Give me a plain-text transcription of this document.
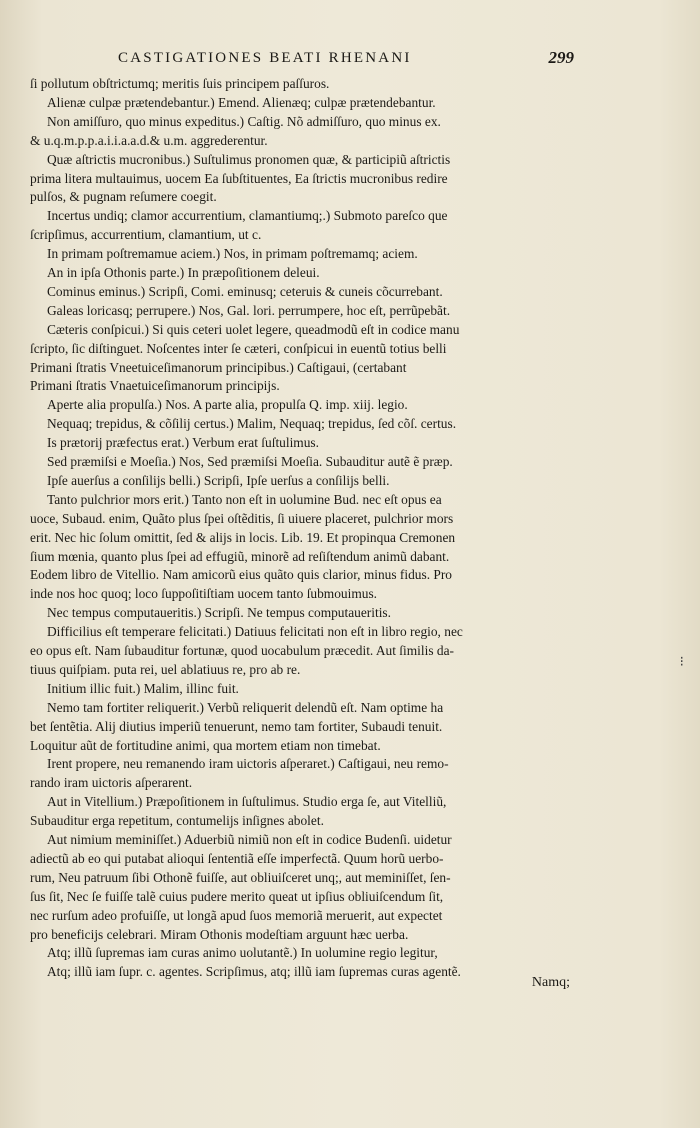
CASTIGATIONES BEATI RHENANI	299
ſi pollutum obſtrictumq; meritis ſuis principem paſſuros.
Alienæ culpæ prætendebantur.) Emend. Alienæq; culpæ prætendebantur.
Non amiſſuro, quo minus expeditus.) Caſtig. Nõ admiſſuro, quo minus ex.
& u.q.m.p.p.a.i.i.a.a.d.& u.m. aggrederentur.
Quæ aſtrictis mucronibus.) Suſtulimus pronomen quæ, & participiũ aſtrictis
prima litera multauimus, uocem Ea ſubſtituentes, Ea ſtrictis mucronibus redire
pulſos, & pugnam reſumere coegit.
Incertus undiq; clamor accurrentium, clamantiumq;.) Submoto pareſco que
ſcripſimus, accurrentium, clamantium, ut c.
In primam poſtremamue aciem.) Nos, in primam poſtremamq; aciem.
An in ipſa Othonis parte.) In præpoſitionem deleui.
Cominus eminus.) Scripſi, Comi. eminusq; ceteruis & cuneis cõcurrebant.
Galeas loricasq; perrupere.) Nos, Gal. lori. perrumpere, hoc eſt, perrũpebãt.
Cæteris conſpicui.) Si quis ceteri uolet legere, queadmodũ eſt in codice manu
ſcripto, ſic diſtinguet. Noſcentes inter ſe cæteri, conſpicui in euentũ totius belli
Primani ſtratis Vneetuiceſimanorum principibus.) Caſtigaui, (certabant
Primani ſtratis Vnaetuiceſimanorum principiјs.
Aperte alia propulſa.) Nos. A parte alia, propulſa Q. imp. xiiј. legio.
Nequaq; trepidus, & cõſiliј certus.) Malim, Nequaq; trepidus, ſed cõſ. certus.
Is prætoriј præfectus erat.) Verbum erat ſuſtulimus.
Sed præmiſsi e Moeſia.) Nos, Sed præmiſsi Moeſia. Subauditur autẽ ẽ præp.
Ipſe auerſus a conſiliјs belli.) Scripſi, Ipſe uerſus a conſiliјs belli.
Tanto pulchrior mors erit.) Tanto non eſt in uolumine Bud. nec eſt opus ea
uoce, Subaud. enim, Quãto plus ſpei oſtẽditis, ſi uiuere placeret, pulchrior mors
erit. Nec hic ſolum omittit, ſed & aliјs in locis. Lib. 19. Et propinqua Cremonen
ſium mœnia, quanto plus ſpei ad effugiũ, minorẽ ad reſiſtendum animũ dabant.
Eodem libro de Vitellio. Nam amicorũ eius quãto quis clarior, minus fidus. Pro
inde nos hoc quoq; loco ſuppoſitiſtiam uocem tanto ſubmouimus.
Nec tempus computaueritis.) Scripſi. Ne tempus computaueritis.
Difficilius eſt temperare felicitati.) Datiuus felicitati non eſt in libro regio, nec
eo opus eſt. Nam ſubauditur fortunæ, quod uocabulum præcedit. Aut ſimilis da-
tiuus quiſpiam. puta rei, uel ablatiuus re, pro ab re.
Initium illic fuit.) Malim, illinc fuit.
Nemo tam fortiter reliquerit.) Verbũ reliquerit delendũ eſt. Nam optime ha
bet ſentẽtia. Aliј diutius imperiũ tenuerunt, nemo tam fortiter, Subaudi tenuit.
Loquitur aũt de fortitudine animi, qua mortem etiam non timebat.
Irent propere, neu remanendo iram uictoris aſperaret.) Caſtigaui, neu remo-
rando iram uictoris aſperarent.
Aut in Vitellium.) Præpoſitionem in ſuſtulimus. Studio erga ſe, aut Vitelliũ,
Subauditur erga repetitum, contumeliјs inſignes abolet.
Aut nimium meminiſſet.) Aduerbiũ nimiũ non eſt in codice Budenſi. uidetur
adiectũ ab eo qui putabat alioqui ſententiã eſſe imperfectã. Quum horũ uerbo-
rum, Neu patruum ſibi Othonẽ fuiſſe, aut obliuiſceret unq;, aut meminiſſet, ſen-
ſus ſit, Nec ſe fuiſſe talẽ cuius pudere merito queat ut ipſius obliuiſcendum ſit,
nec rurſum adeo profuiſſe, ut longã apud ſuos memoriã meruerit, aut expectet
pro beneficiјs celebrari. Miram Othonis modeſtiam arguunt hæc uerba.
Atq; illũ ſupremas iam curas animo uolutantẽ.) In uolumine regio legitur,
Atq; illũ iam ſupr. c. agentes. Scripſimus, atq; illũ iam ſupremas curas agentẽ.
⁝
Namq;
